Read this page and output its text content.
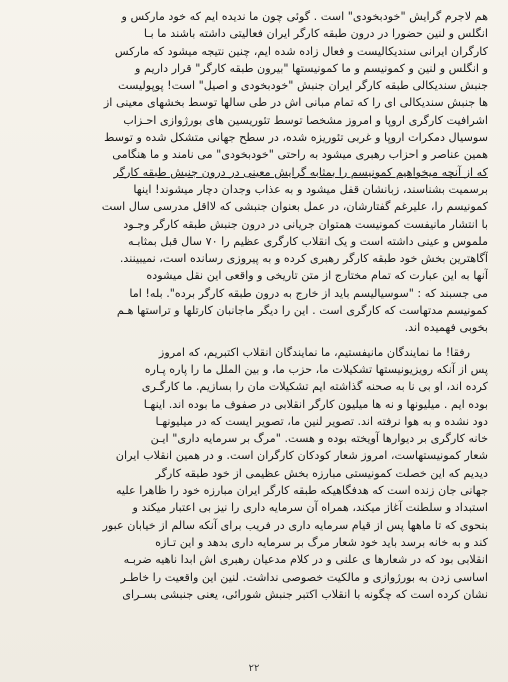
هم لاجرم گرایش "خودبخودی" است . گوئی چون ما ندیده ایم که خود مارکس و
انگلس و لنین حضورا در درون طبقه کارگر ایران فعالیتی داشته باشند ما بـا
کارگران ایرانی سندیکالیست و فعال زاده شده ایم، چنین نتیجه میشود که مارکس
و انگلس و لنین و کمونیسم و ما کمونیستها "بیرون طبقه کارگر" قرار داریم و
جنبش سندیکالی طبقه کارگر ایران جنبش "خودبخودی و اصیل" است! پوپولیست
ها جنبش سندیکالی ای را که تمام مبانی اش در طی سالها توسط بخشهای معینی از
اشرافیت کارگری اروپا و امروز مشخصا توسط تئوریسین های بورژوازی احـزاب
سوسیال دمکرات اروپا و غربی تئوریزه شده، در سطح جهانی متشکل شده و توسط
همین عناصر و احزاب رهبری میشود به راحتی "خودبخودی" می نامند و ما هنگامی
که از آنچه میخواهیم کمونیسم را بمثابه گرایش معینی در درون جنبش طبقه کارگر
برسمیت بشناسند، زبانشان قفل میشود و به عذاب وجدان دچار میشوند! اینها
کمونیسم را، علیرغم گفتارشان، در عمل بعنوان جنبشی که لااقل مدرسی سال است
با انتشار مانیفست کمونیست همتوان جریانی در درون جنبش طبقه کارگر وجـود
ملموس و عینی داشته است و یک انقلاب کارگری عظیم را ۷۰ سال قبل بمثابـه
آگاهترین بخش خود طبقه کارگر رهبری کرده و به پیروزی رسانده است، نمیبینند.
آنها به این عبارت که تمام مختارج از متن تاریخی و واقعی این نقل میشوده
می جسبند که : "سوسیالیسم باید از خارج به درون طبقه کارگر برده". بله! اما
کمونیسم مدتهاست که کارگری است . این را دیگر ماجانبان کارتلها و تراستها هـم
بخوبی فهمیده اند.
رفقا! ما نمایندگان مانیفستیم، ما نمایندگان انقلاب اکتبریم، که امروز
پس از آنکه رویزیونیستها تشکیلات ما، حزب ما، و بین الملل ما را پاره پـاره
کرده اند، او بی نا به صحنه گذاشته ایم تشکیلات مان را بسازیم. ما کارگـری
بوده ایم . میلیونها و نه ها میلیون کارگر انقلابی در صفوف ما بوده اند. اینهـا
دود نشده و به هوا نرفته اند. تصویر لنین ما، تصویر ایست که در میلیونهـا
خانه کارگری بر دیوارها آویخته بوده و هست. "مرگ بر سرمایه داری" ایـن
شعار کمونیستهاست، امروز شعار کودکان کارگران است. و در همین انقلاب ایران
دیدیم که این خصلت کمونیستی مبارزه بخش عظیمی از خود طبقه کارگر
جهانی جان زنده است که هدفگاهیکه طبقه کارگر ایران مبارزه خود را ظاهرا علیه
استبداد و سلطنت آغاز میکند، همراه آن سرمایه داری را نیز بی اعتبار میکند و
بنحوی که تا ماهها پس از قیام سرمایه داری در فریب برای آنکه سالم از خیابان عبور
کند و به خانه برسد باید خود شعار مرگ بر سرمایه داری بدهد و این تـازه
انقلابی بود که در شعارها ی علنی و در کلام مدعیان رهبری اش ابدا ناهیه ضربـه
اساسی زدن به بورژوازی و مالکیت خصوصی نداشت. لنین این واقعیت را خاطـر
نشان کرده است که چگونه با انقلاب اکتبر جنبش شورائی، یعنی جنبشی بسـرای
۲۲
